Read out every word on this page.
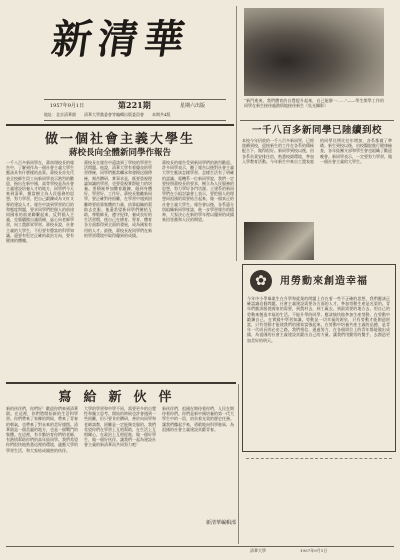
新清華
1957年9月1日	第221期	星期六出版
地址：北京清華園　　清華大學黨委會等編輯出版委員會　　本期共4版
“新門進來，我們體育的自覺提升起來，自己能辦一……”——學生開學工作的同學在新生接待處熱情地接待新生（吳光攝影）
做一個社會主義大學生
蔣校長向全體新同學作報告
一千八百多新同學在，蔣南翔校長的報告中，了解到作為一個社會主義大學生應該具有什麼樣的品質。蔣校長首先代表全校師生員工向新同學表示熱烈的歡迎，指出在新中國，高等學校是為社會主義建設培養人才的地方，同學們今天來到清華，應當樹立為人民服務的思想，努力學習，把自己鍛鍊成為又紅又專的建設人才。報告中談到學習的目的和態度問題，要求同學們把個人的前途同國家的前途聯繫起來，反對個人主義，克服驕傲自滿情緒，虛心向老師學習，向工農群眾學習。蔣校長說，社會主義的大學生，不但要有豐富的科學知識，還要有堅定正確的政治方向，要有健康的體魄。
蔣校長在報告中還談到了學校的學習生活問題。他說，清華大學有着優良的學習傳統，同學們應當繼承和發揚這個傳統，刻苦鑽研，實事求是，既要重視理論知識的學習，也要重視實際能力的培養。要積極參加體育鍛鍊，做到身體好、學習好、工作好。蔣校長勉勵新同學，要正確對待困難，在學習中遇到困難時要依靠集體的力量，依靠組織的幫助去克服。他還希望新同學們團結互助，尊敬師長，遵守紀律，養成良好的生活習慣，使自己在德育、智育、體育各方面都得到全面的發展，成為國家有用的人才。最後，蔣校長祝同學們在新的學習環境中取得優異的成績。
蔣校長的報告受到新同學們的熱烈歡迎。許多同學表示，聽了報告以後對社會主義大學生應該怎樣學習、怎樣生活有了明確的認識。電機系一位新同學說，我們一定要按照蔣校長的要求，樹立為人民服務的思想，努力學好各門功課。土建系的新同學們在小組討論會上表示，要把個人的理想同祖國的需要結合起來，做一個真正的社會主義大學生。報告會以後，各系還分別組織新同學座談，進一步學習報告的精神，大家決心在新的學年裡以優異的成績來回答黨和人民的期望。
一千八百多新同學已陸續到校
本校今年招收的一千八百多新同學，已經陸續到校，迎接新生的工作在各系的積極配合下，做得很好。新同學到校以後，由各系負責安排住宿，熟悉校園環境，參加入學教育活動。今年新生中來自工農家庭的同學比例比往年增加，各系都做了準備。新生到校以後，由校醫院進行健康檢查，各年級團支部和學生會也組織了歡迎晚會。新同學表示，一定要努力學習，做一個社會主義的大學生。
✿	用勞動來創造幸福
今年中小學畢業生在升學和就業的問題上存在着一些不正確的思想，我們應該正確認識這個問題。社會主義建設需要各方面的人才，參加勞動生產是光榮的。青年們應該服從國家的需要，到農村去，到工廠去，到最需要的地方去，用自己的勞動來創造幸福的生活。不能升學的同學，應該愉快地參加生產勞動，在勞動中鍛鍊自己，在實踐中學習知識。勞動是一切幸福的源泉，只有勞動才能創造財富，只有勞動才能使我們的國家富強起來。在勞動中培養共產主義的品德，是青年一代成長的必由之路。我們相信，通過努力，在各個崗位上的青年都能做出成績，為祖國的社會主義建設貢獻出自己的力量。讓我們用勤勞的雙手，去創造更加美好的明天。
寫給新伙伴
新的伙伴們，你們好！歡迎你們來到清華園。在這裡，你們將開始新的生活和學習。你們帶來了家鄉的問候，帶來了青春的朝氣，也帶來了對未來的美好憧憬。清華園是一個美麗的地方，也是一個戰鬥的集體。在這裡，有辛勤培育你們的老師，有熱情幫助你們的高年級同學。我們希望你們很快地熟悉這裡的環境，適應大學的學習生活，和大家結成親密的伙伴。
大學的學習和中學不同，需要更多的自覺性和獨立思考。開始的時候也許會遇到一些困難，但只要肯於鑽研，善於向同學和老師請教，困難是一定能夠克服的。我們希望你們在學習上互相幫助，在生活上互相關心，在政治上互相促進，做一個好學生，做一個好伙伴。讓我們一起為建設社會主義的新清華而共同努力吧！
新伙伴們，祖國在期待着你們，人民在期待着你們。你們是新中國培養的第一代大學生中的一員，肩負着光榮的歷史任務。讓我們攜起手來，勇敢地向科學進軍，為祖國的社會主義建設貢獻青春。
新清華編輯部
清華大學	1957年9月1日
